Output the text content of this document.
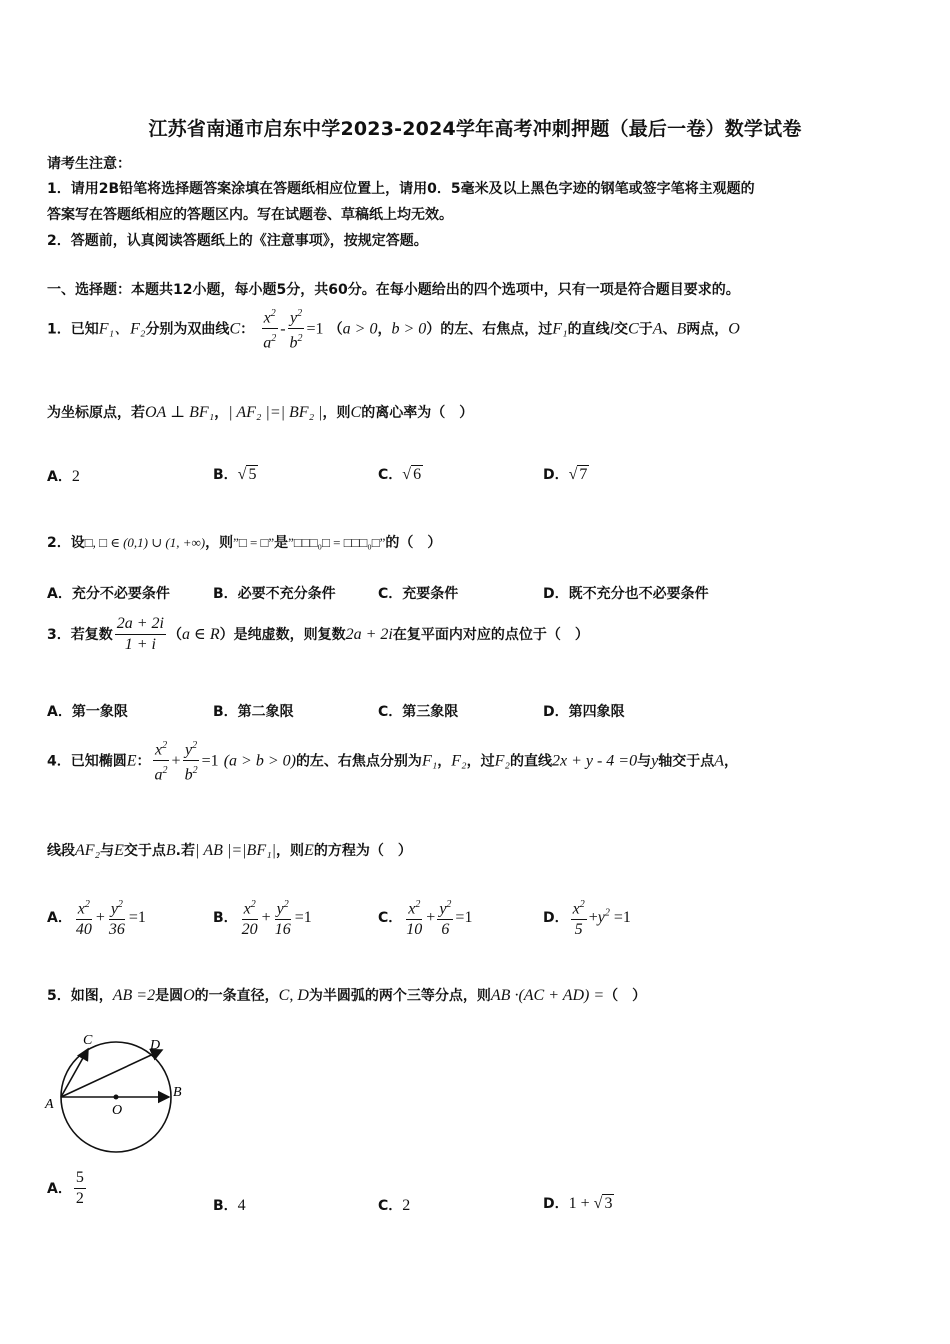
江苏省南通市启东中学2023-2024学年高考冲刺押题（最后一卷）数学试卷
请考生注意：
1．请用2B铅笔将选择题答案涂填在答题纸相应位置上，请用0．5毫米及以上黑色字迹的钢笔或签字笔将主观题的
答案写在答题纸相应的答题区内。写在试题卷、草稿纸上均无效。
2．答题前，认真阅读答题纸上的《注意事项》，按规定答题。
一、选择题：本题共12小题，每小题5分，共60分。在每小题给出的四个选项中，只有一项是符合题目要求的。
1．已知F₁、F₂分别为双曲线C： $\frac{x^2}{a^2} - \frac{y^2}{b^2} =1$ （a > 0，b > 0）的左、右焦点，过F₁的直线l交C于A、B两点，O
为坐标原点，若OA ⊥ BF₁，| AF₂ |=| BF₂ |，则C的离心率为（　）
A．2	B．√ 5	C．√ 6	D．√ 7
2．设□, □ ∈ (0,1) ∪ (1, +∞)，则”□ = □”是”□□□₀□ = □□□₀□”的（　）
A．充分不必要条件	B．必要不充分条件	C．充要条件	D．既不充分也不必要条件
3．若复数 $\frac{2a + 2i}{1 + i} (a$ ∈ R）是纯虚数，则复数2a + 2i在复平面内对应的点位于（　）
A．第一象限	B．第二象限	C．第三象限	D．第四象限
4．已知椭圆E： $\frac{x^2}{a^2} + \frac{y^2}{b^2} =1$ (a > b > 0)的左、右焦点分别为F₁，F₂，过F₂的直线2x + y - 4 =0与y轴交于点A，
线段AF₂与E交于点B.若| AB |=|BF₁|，则E的方程为（　）
A． $\frac{x^2}{40} + \frac{y^2}{36} =1$	B． $\frac{x^2}{20} + \frac{y^2}{16} =1$	C． $\frac{x^2}{10} + \frac{y^2}{6} =1$	D． $\frac{x^2}{5} +y^2 =1$
5．如图，AB =2是圆O的一条直径，C, D为半圆弧的两个三等分点，则AB ·(AC + AD) =（　）
A
B
C	D
O
A． $\frac{5}{2}$	B．4	C．2	D．1 + √ 3
